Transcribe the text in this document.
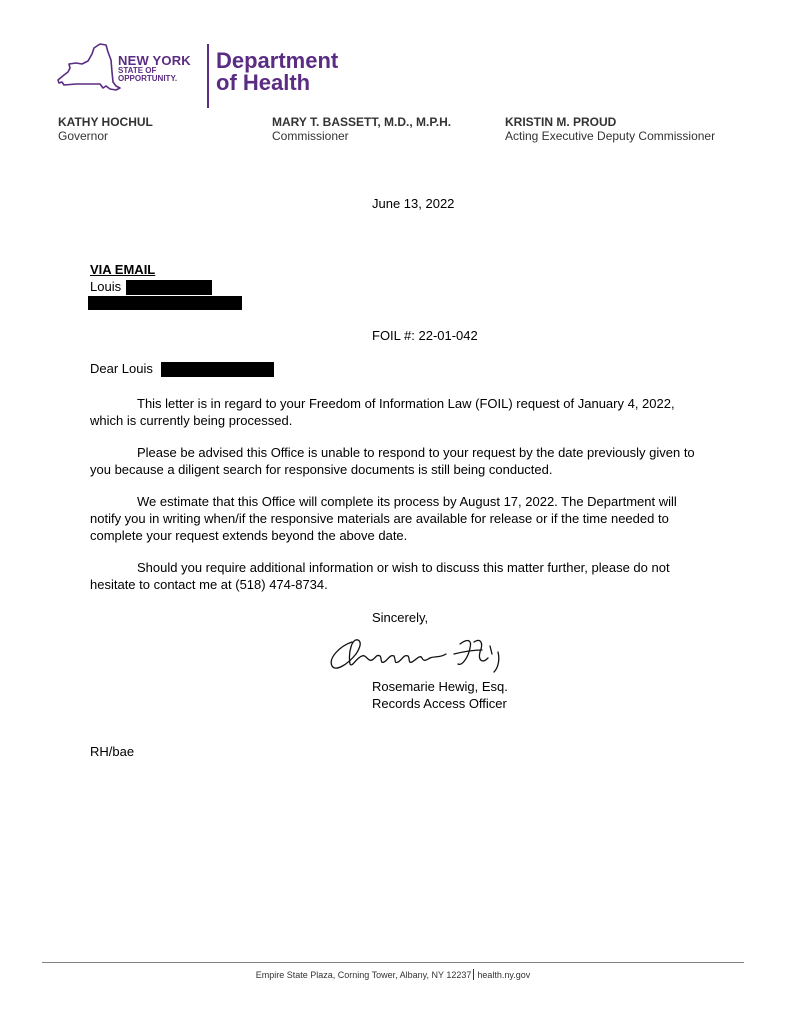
NEW YORK
STATE OF
OPPORTUNITY.
Department
of Health
KATHY HOCHUL
Governor
MARY T. BASSETT, M.D., M.P.H.
Commissioner
KRISTIN M. PROUD
Acting Executive Deputy Commissioner
June 13, 2022
VIA EMAIL
Louis
FOIL #: 22-01-042
Dear Louis
This letter is in regard to your Freedom of Information Law (FOIL) request of January 4, 2022, which is currently being processed.
Please be advised this Office is unable to respond to your request by the date previously given to you because a diligent search for responsive documents is still being conducted.
We estimate that this Office will complete its process by August 17, 2022. The Department will notify you in writing when/if the responsive materials are available for release or if the time needed to complete your request extends beyond the above date.
Should you require additional information or wish to discuss this matter further, please do not hesitate to contact me at (518) 474-8734.
Sincerely,
Rosemarie Hewig, Esq.
Records Access Officer
RH/bae
Empire State Plaza, Corning Tower, Albany, NY 12237 health.ny.gov
